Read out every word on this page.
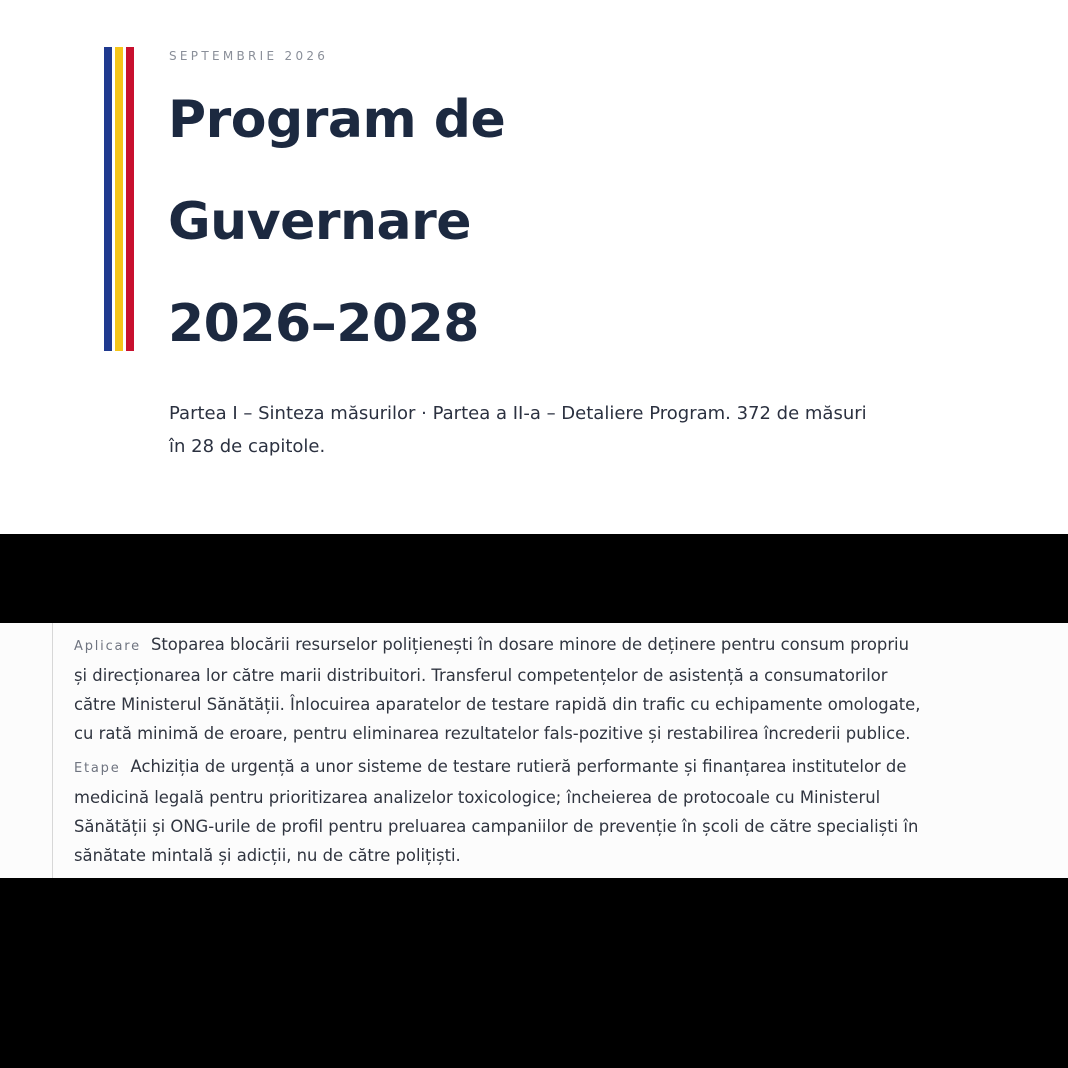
SEPTEMBRIE 2026
Program de
Guvernare
2026–2028
Partea I – Sinteza măsurilor · Partea a II-a – Detaliere Program. 372 de măsuri
în 28 de capitole.
Aplicare Stoparea blocării resurselor polițienești în dosare minore de deținere pentru consum propriu
și direcționarea lor către marii distribuitori. Transferul competențelor de asistență a consumatorilor
către Ministerul Sănătății. Înlocuirea aparatelor de testare rapidă din trafic cu echipamente omologate,
cu rată minimă de eroare, pentru eliminarea rezultatelor fals-pozitive și restabilirea încrederii publice.
Etape Achiziția de urgență a unor sisteme de testare rutieră performante și finanțarea institutelor de
medicină legală pentru prioritizarea analizelor toxicologice; încheierea de protocoale cu Ministerul
Sănătății și ONG-urile de profil pentru preluarea campaniilor de prevenție în școli de către specialiști în
sănătate mintală și adicții, nu de către polițiști.
